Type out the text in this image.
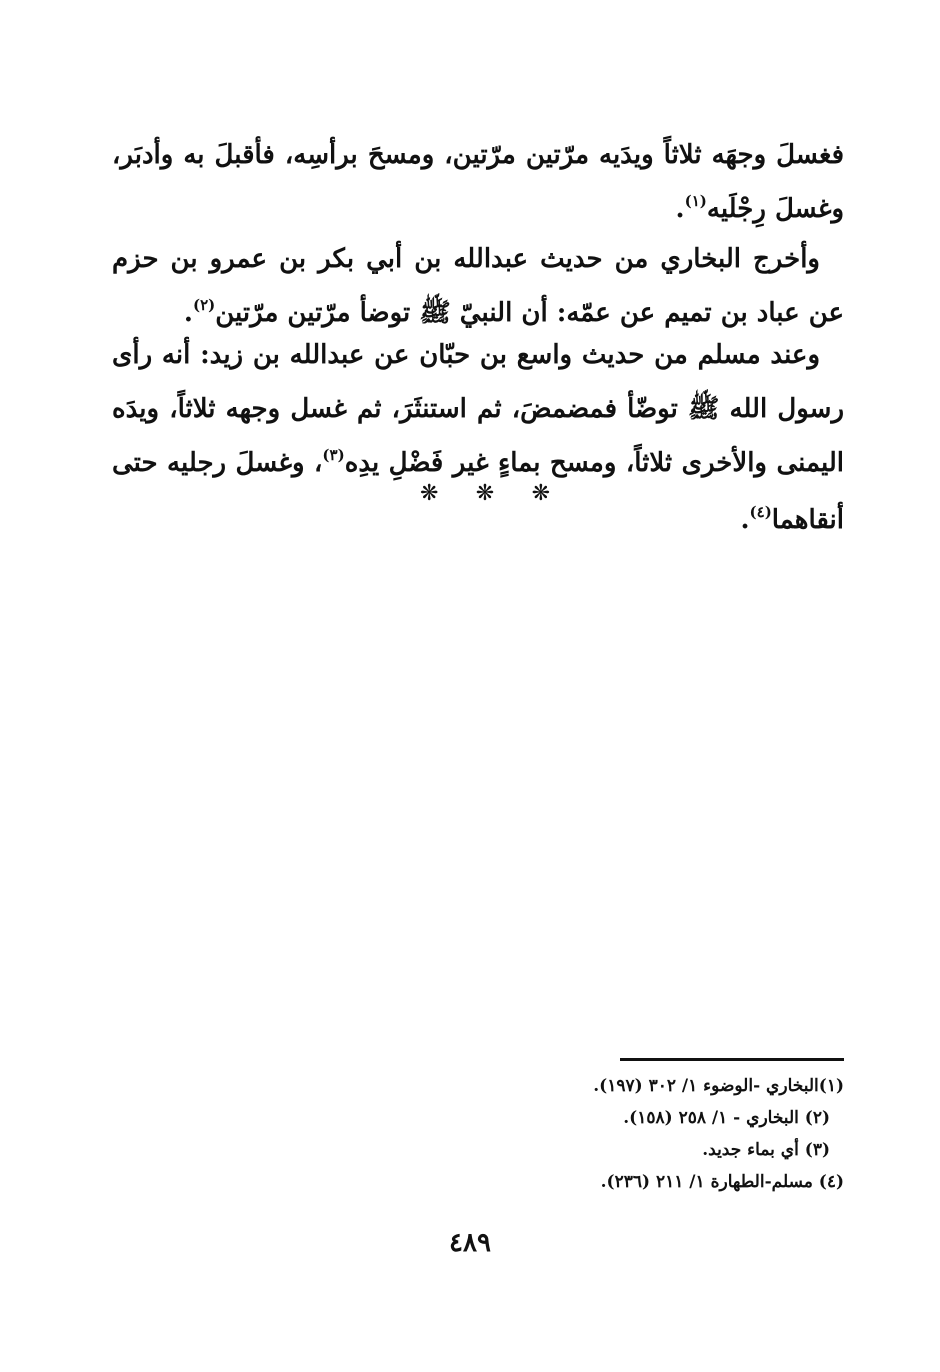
فغسلَ وجهَه ثلاثاً ويدَيه مرّتين مرّتين، ومسحَ برأسِه، فأقبلَ به وأدبَر، وغسلَ رِجْلَيه$^{(١)}$.

وأخرج البخاري من حديث عبدالله بن أبي بكر بن عمرو بن حزم عن عباد بن تميم عن عمّه: أن النبيّ ﷺ توضأ مرّتين مرّتين$^{(٢)}$.

وعند مسلم من حديث واسع بن حبّان عن عبدالله بن زيد: أنه رأى رسول الله ﷺ توضّأ فمضمضَ، ثم استنثَرَ، ثم غسل وجهه ثلاثاً، ويدَه اليمنى والأخرى ثلاثاً، ومسح بماءٍ غير فَضْلِ يدِه$^{(٣)}$، وغسلَ رجليه حتى أنقاهما$^{(٤)}$.

❋ ❋ ❋

(١)البخاري -الوضوء ١/ ٣٠٢ (١٩٧).

(٢) البخاري - ١/ ٢٥٨ (١٥٨).

(٣) أي بماء جديد.

(٤) مسلم-الطهارة ١/ ٢١١ (٢٣٦).

٤٨٩
